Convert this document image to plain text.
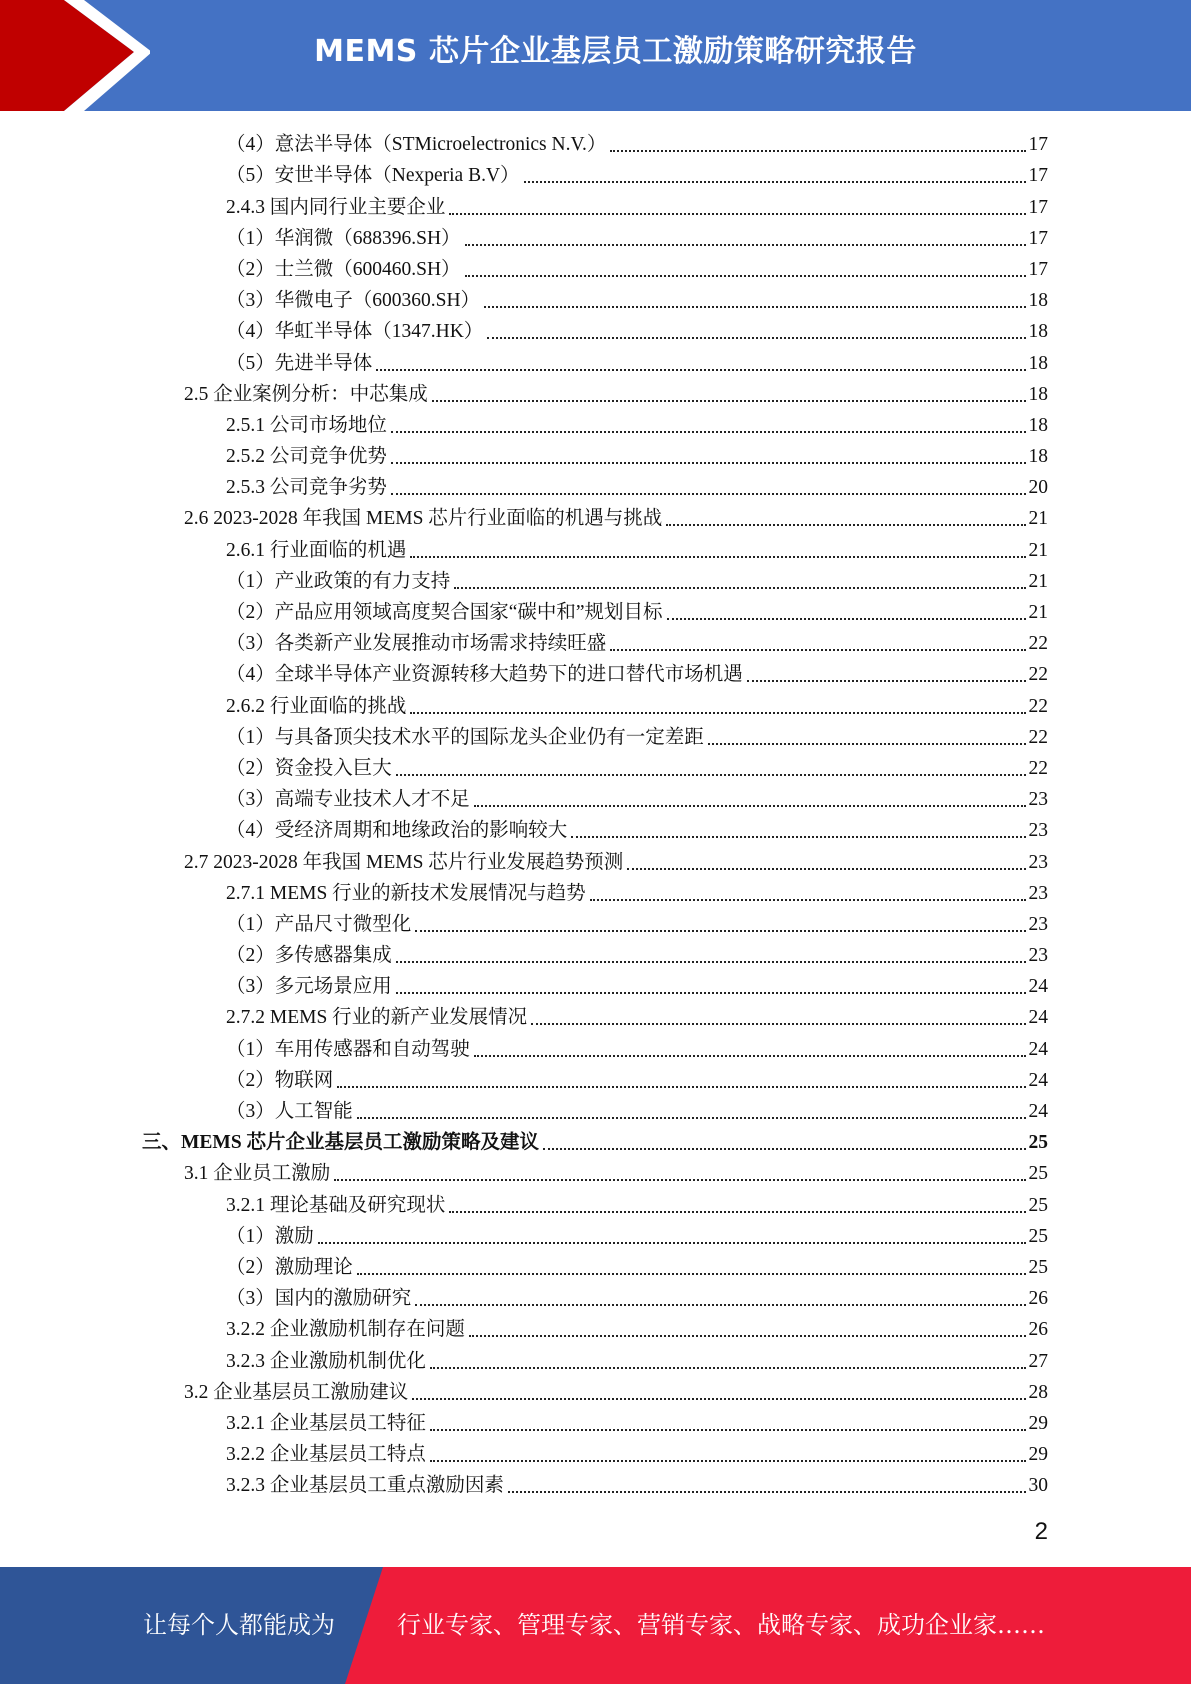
MEMS 芯片企业基层员工激励策略研究报告
（4）意法半导体（STMicroelectronics N.V.）	17
（5）安世半导体（Nexperia B.V）	17
2.4.3 国内同行业主要企业	17
（1）华润微（688396.SH）	17
（2）士兰微（600460.SH）	17
（3）华微电子（600360.SH）	18
（4）华虹半导体（1347.HK）	18
（5）先进半导体	18
2.5 企业案例分析：中芯集成	18
2.5.1 公司市场地位	18
2.5.2 公司竞争优势	18
2.5.3 公司竞争劣势	20
2.6 2023-2028 年我国 MEMS 芯片行业面临的机遇与挑战	21
2.6.1 行业面临的机遇	21
（1）产业政策的有力支持	21
（2）产品应用领域高度契合国家“碳中和”规划目标	21
（3）各类新产业发展推动市场需求持续旺盛	22
（4）全球半导体产业资源转移大趋势下的进口替代市场机遇	22
2.6.2 行业面临的挑战	22
（1）与具备顶尖技术水平的国际龙头企业仍有一定差距	22
（2）资金投入巨大	22
（3）高端专业技术人才不足	23
（4）受经济周期和地缘政治的影响较大	23
2.7 2023-2028 年我国 MEMS 芯片行业发展趋势预测	23
2.7.1 MEMS 行业的新技术发展情况与趋势	23
（1）产品尺寸微型化	23
（2）多传感器集成	23
（3）多元场景应用	24
2.7.2 MEMS 行业的新产业发展情况	24
（1）车用传感器和自动驾驶	24
（2）物联网	24
（3）人工智能	24
三、MEMS 芯片企业基层员工激励策略及建议	25
3.1 企业员工激励	25
3.2.1 理论基础及研究现状	25
（1）激励	25
（2）激励理论	25
（3）国内的激励研究	26
3.2.2 企业激励机制存在问题	26
3.2.3 企业激励机制优化	27
3.2 企业基层员工激励建议	28
3.2.1 企业基层员工特征	29
3.2.2 企业基层员工特点	29
3.2.3 企业基层员工重点激励因素	30
2
让每个人都能成为	行业专家、管理专家、营销专家、战略专家、成功企业家……
